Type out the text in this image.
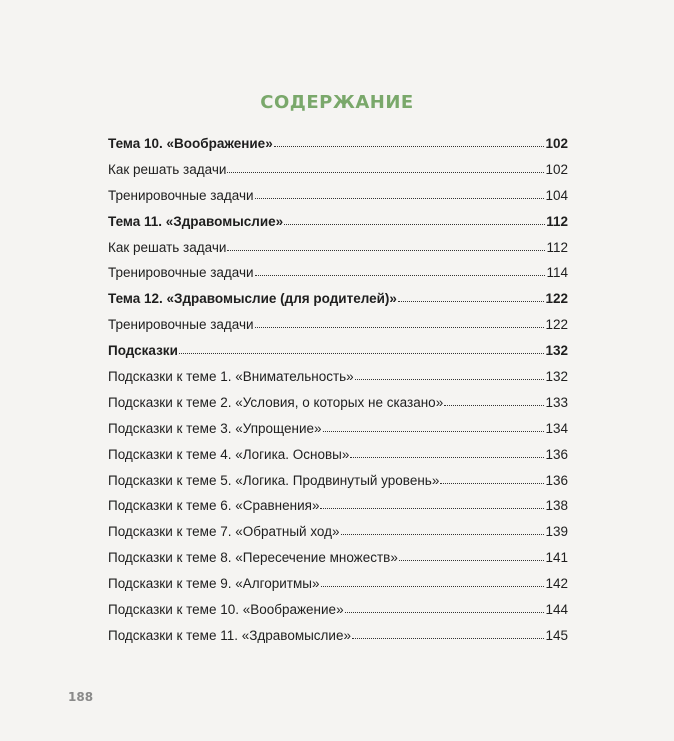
СОДЕРЖАНИЕ
Тема 10. «Воображение»	102
Как решать задачи	102
Тренировочные задачи	104
Тема 11. «Здравомыслие»	112
Как решать задачи	112
Тренировочные задачи	114
Тема 12. «Здравомыслие (для родителей)»	122
Тренировочные задачи	122
Подсказки	132
Подсказки к теме 1. «Внимательность»	132
Подсказки к теме 2. «Условия, о которых не сказано»	133
Подсказки к теме 3. «Упрощение»	134
Подсказки к теме 4. «Логика. Основы»	136
Подсказки к теме 5. «Логика. Продвинутый уровень»	136
Подсказки к теме 6. «Сравнения»	138
Подсказки к теме 7. «Обратный ход»	139
Подсказки к теме 8. «Пересечение множеств»	141
Подсказки к теме 9. «Алгоритмы»	142
Подсказки к теме 10. «Воображение»	144
Подсказки к теме 11. «Здравомыслие»	145
188
